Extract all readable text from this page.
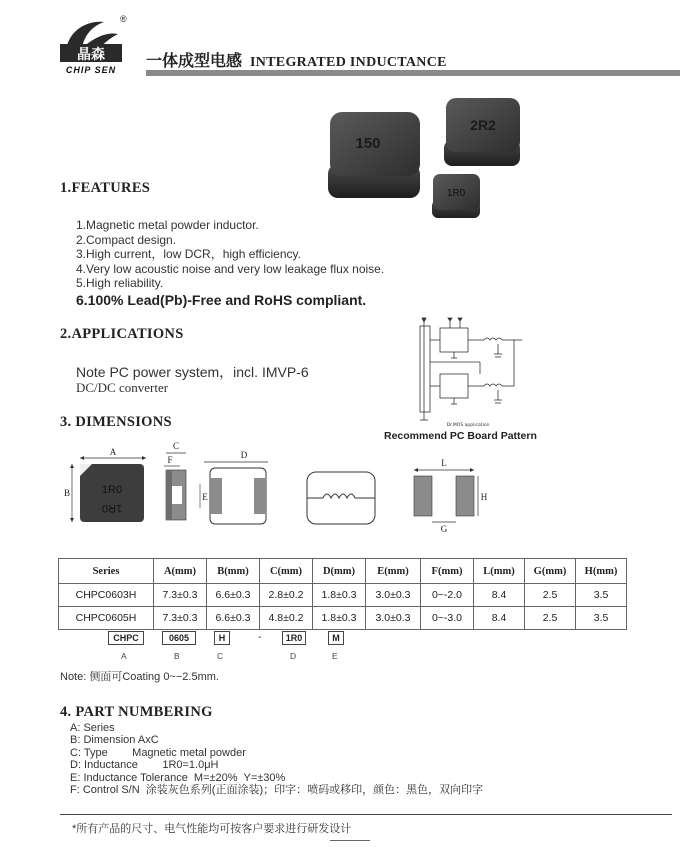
晶森
CHIP SEN
®
一体成型电感 INTEGRATED INDUCTANCE
150
2R2
1R0
1.FEATURES
1.Magnetic metal powder inductor.
2.Compact design.
3.High current，low DCR，high efficiency.
4.Very low acoustic noise and very low leakage flux noise.
5.High reliability.
6.100% Lead(Pb)-Free and RoHS compliant.
2.APPLICATIONS
Note PC power system，incl. IMVP-6
DC/DC converter
Dr.MOS application
Recommend PC Board Pattern
3. DIMENSIONS
A
B	1R0
1R0
C
F	D
E
L
H
G
Series	A(mm)	B(mm)	C(mm)	D(mm)	E(mm)	F(mm)	L(mm)	G(mm)	H(mm)
CHPC0603H	7.3±0.3	6.6±0.3	2.8±0.2	1.8±0.3	3.0±0.3	0~-2.0	8.4	2.5	3.5
CHPC0605H	7.3±0.3	6.6±0.3	4.8±0.2	1.8±0.3	3.0±0.3	0~-3.0	8.4	2.5	3.5
CHPC	0605	H	-	1R0	M
A	B	C	D	E
Note: 侧面可Coating 0~−2.5mm.
4. PART NUMBERING
A: Series
B: Dimension AxC
C: Type        Magnetic metal powder
D: Inductance        1R0=1.0μH
E: Inductance Tolerance  M=±20%  Y=±30%
F: Control S/N  涂装灰色系列(正面涂装)；印字：喷码或移印，颜色：黑色，双向印字
*所有产品的尺寸、电气性能均可按客户要求进行研发设计
